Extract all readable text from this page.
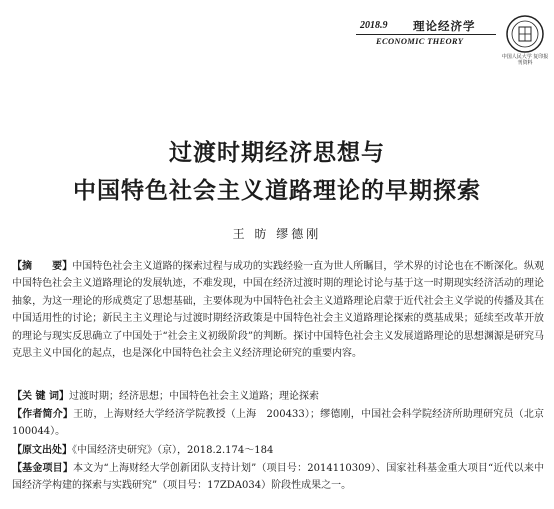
2018.9 理论经济学
ECONOMIC THEORY
中国人民大学 复印报刊资料
过渡时期经济思想与
中国特色社会主义道路理论的早期探索
王 昉 缪德刚
【摘　　要】中国特色社会主义道路的探索过程与成功的实践经验一直为世人所瞩目，学术界的讨论也在不断深化。纵观中国特色社会主义道路理论的发展轨迹，不难发现，中国在经济过渡时期的理论讨论与基于这一时期现实经济活动的理论抽象，为这一理论的形成奠定了思想基础，主要体现为中国特色社会主义道路理论启蒙于近代社会主义学说的传播及其在中国适用性的讨论；新民主主义理论与过渡时期经济政策是中国特色社会主义道路理论探索的奠基成果；延续至改革开放的理论与现实反思确立了中国处于“社会主义初级阶段”的判断。探讨中国特色社会主义发展道路理论的思想渊源是研究马克思主义中国化的起点，也是深化中国特色社会主义经济理论研究的重要内容。
【关 键 词】过渡时期；经济思想；中国特色社会主义道路；理论探索
【作者简介】王昉，上海财经大学经济学院教授（上海　200433）；缪德刚，中国社会科学院经济所助理研究员（北京　100044）。
【原文出处】《中国经济史研究》（京），2018.2.174～184
【基金项目】本文为“上海财经大学创新团队支持计划”（项目号：2014110309）、国家社科基金重大项目“近代以来中国经济学构建的探索与实践研究”（项目号：17ZDA034）阶段性成果之一。
